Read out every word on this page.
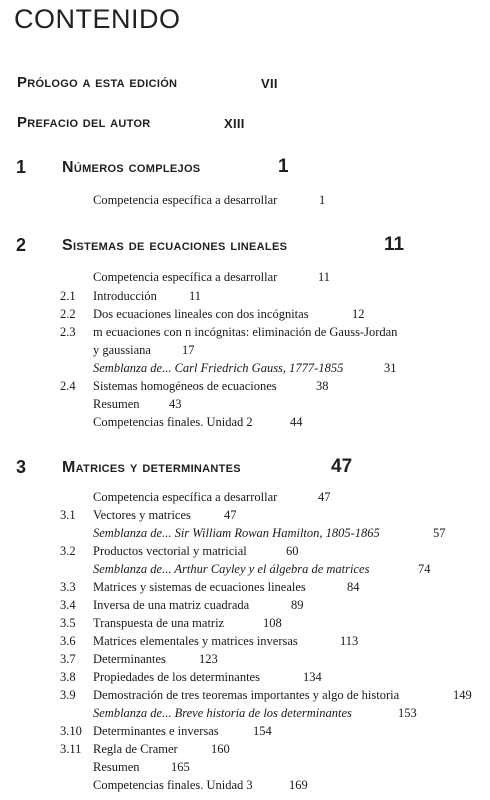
CONTENIDO
Prólogo a esta edición	VII
Prefacio del autor	XIII
1 Números complejos	1
Competencia específica a desarrollar	1
2 Sistemas de ecuaciones lineales	11
Competencia específica a desarrollar	11
2.1 Introducción	11
2.2 Dos ecuaciones lineales con dos incógnitas	12
2.3 m ecuaciones con n incógnitas: eliminación de Gauss-Jordan
y gaussiana 17
Semblanza de... Carl Friedrich Gauss, 1777-1855	31
2.4 Sistemas homogéneos de ecuaciones	38
Resumen 43
Competencias finales. Unidad 2	44
3 Matrices y determinantes	47
Competencia específica a desarrollar	47
3.1 Vectores y matrices	47
Semblanza de... Sir William Rowan Hamilton, 1805-1865	57
3.2 Productos vectorial y matricial	60
Semblanza de... Arthur Cayley y el álgebra de matrices	74
3.3 Matrices y sistemas de ecuaciones lineales	84
3.4 Inversa de una matriz cuadrada	89
3.5 Transpuesta de una matriz	108
3.6 Matrices elementales y matrices inversas	113
3.7 Determinantes	123
3.8 Propiedades de los determinantes	134
3.9 Demostración de tres teoremas importantes y algo de historia	149
Semblanza de... Breve historia de los determinantes	153
3.10 Determinantes e inversas	154
3.11 Regla de Cramer	160
Resumen	165
Competencias finales. Unidad 3	169
